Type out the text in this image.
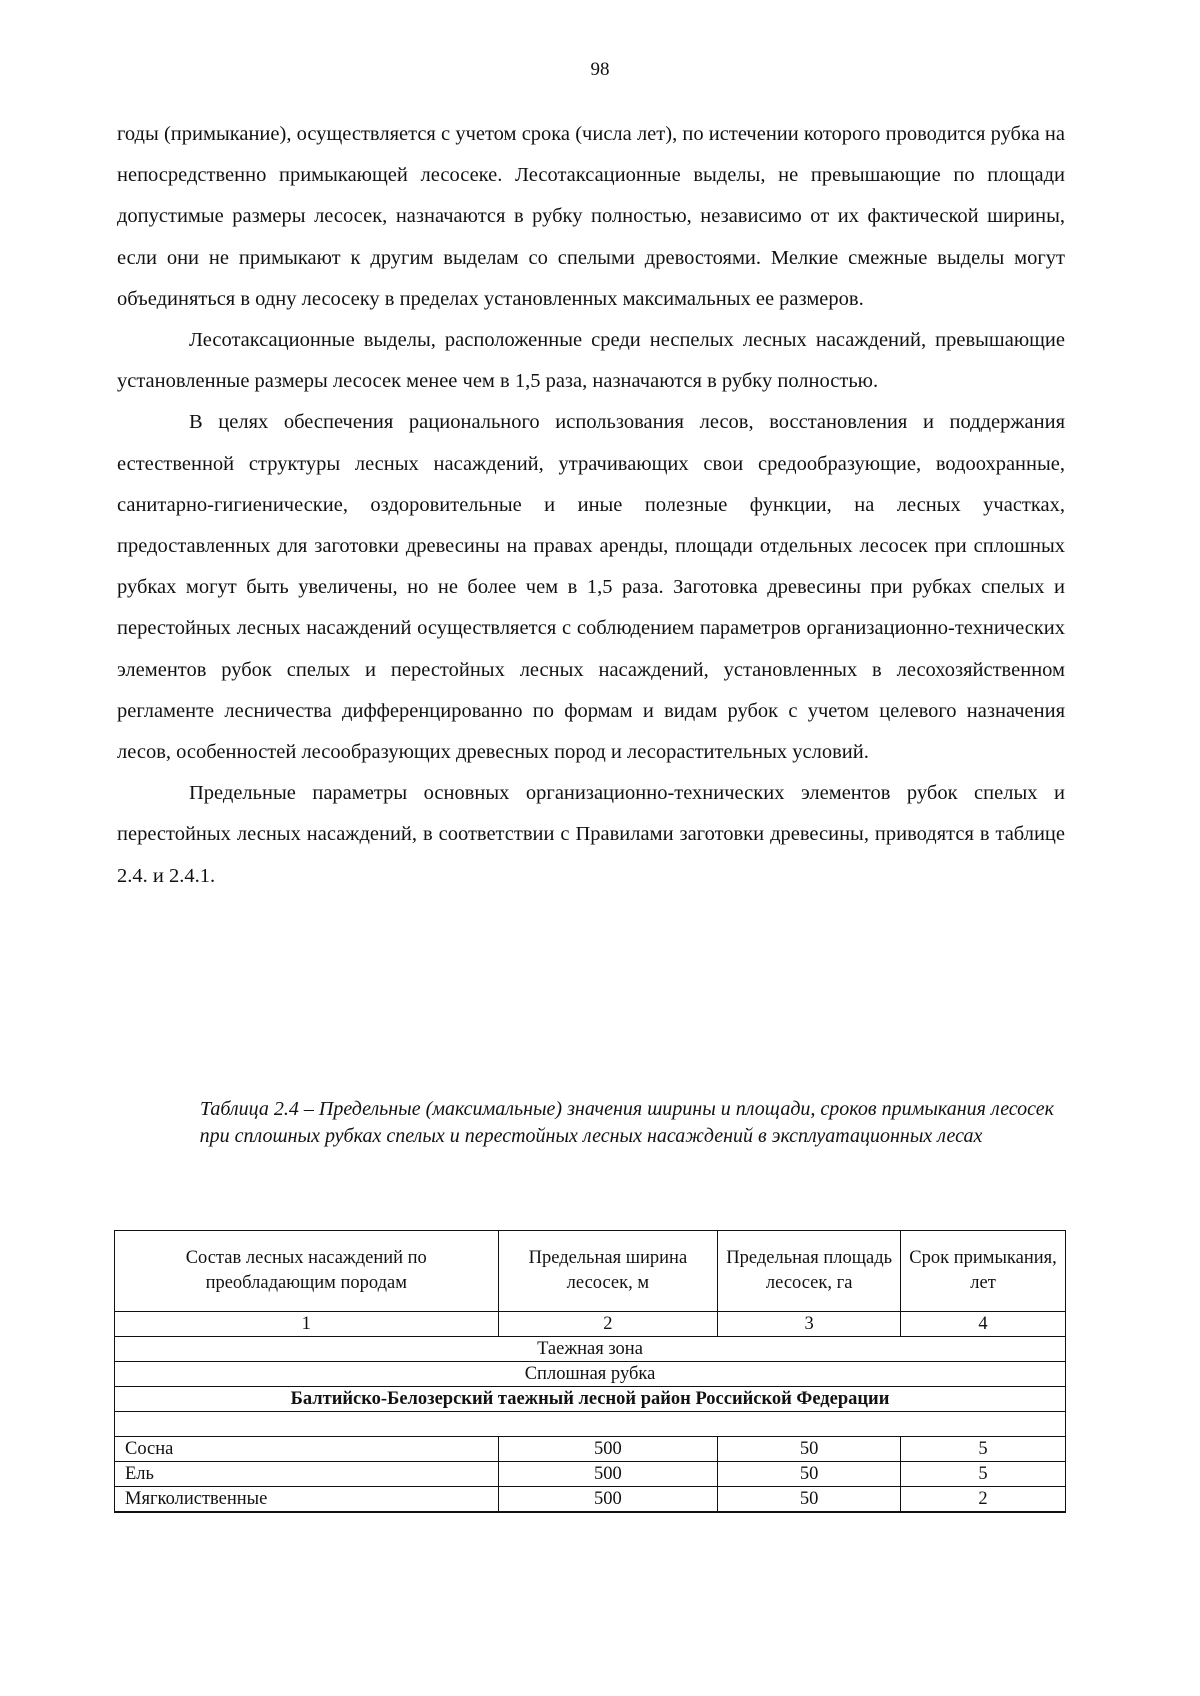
98

годы (примыкание), осуществляется с учетом срока (числа лет), по истечении которого проводится рубка на непосредственно примыкающей лесосеке. Лесотаксационные выделы, не превышающие по площади допустимые размеры лесосек, назначаются в рубку полностью, независимо от их фактической ширины, если они не примыкают к другим выделам со спелыми древостоями. Мелкие смежные выделы могут объединяться в одну лесосеку в пределах установленных максимальных ее размеров.

Лесотаксационные выделы, расположенные среди неспелых лесных насаждений, превышающие установленные размеры лесосек менее чем в 1,5 раза, назначаются в рубку полностью.

В целях обеспечения рационального использования лесов, восстановления и поддержания естественной структуры лесных насаждений, утрачивающих свои средообразующие, водоохранные, санитарно-гигиенические, оздоровительные и иные полезные функции, на лесных участках, предоставленных для заготовки древесины на правах аренды, площади отдельных лесосек при сплошных рубках могут быть увеличены, но не более чем в 1,5 раза. Заготовка древесины при рубках спелых и перестойных лесных насаждений осуществляется с соблюдением параметров организационно-технических элементов рубок спелых и перестойных лесных насаждений, установленных в лесохозяйственном регламенте лесничества дифференцированно по формам и видам рубок с учетом целевого назначения лесов, особенностей лесообразующих древесных пород и лесорастительных условий.

Предельные параметры основных организационно-технических элементов рубок спелых и перестойных лесных насаждений, в соответствии с Правилами заготовки древесины, приводятся в таблице 2.4. и 2.4.1.

Таблица 2.4 – Предельные (максимальные) значения ширины и площади, сроков примыкания лесосек при сплошных рубках спелых и перестойных лесных насаждений в эксплуатационных лесах
Состав лесных насаждений по преобладающим породам	Предельная ширина лесосек, м	Предельная площадь лесосек, га	Срок примыкания, лет
1	2	3	4
Таежная зона			
Сплошная рубка			
Балтийско-Белозерский таежный лесной район Российской Федерации			

Сосна	500	50	5
Ель	500	50	5
Мягколиственные	500	50	2
